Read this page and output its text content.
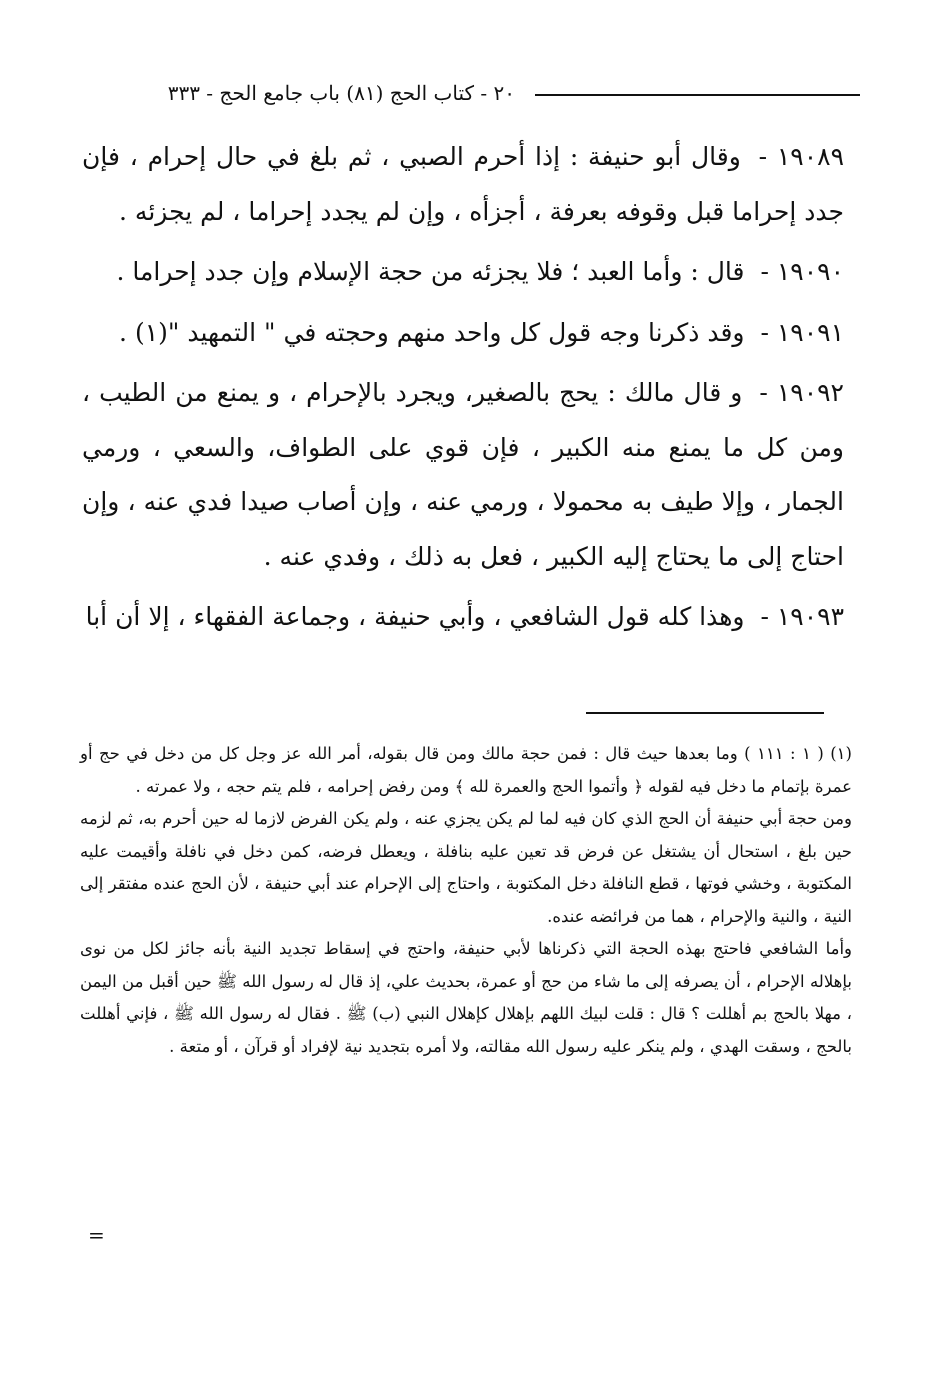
٢٠ - كتاب الحج (٨١) باب جامع الحج - ٣٣٣

١٩٠٨٩ - وقال أبو حنيفة : إذا أحرم الصبي ، ثم بلغ في حال إحرام ، فإن جدد إحراما قبل وقوفه بعرفة ، أجزأه ، وإن لم يجدد إحراما ، لم يجزئه .

١٩٠٩٠ - قال : وأما العبد ؛ فلا يجزئه من حجة الإسلام وإن جدد إحراما .

١٩٠٩١ - وقد ذكرنا وجه قول كل واحد منهم وحجته في " التمهيد "(١) .

١٩٠٩٢ - و قال مالك : يحج بالصغير، ويجرد بالإحرام ، و يمنع من الطيب ، ومن كل ما يمنع منه الكبير ، فإن قوي على الطواف، والسعي ، ورمي الجمار ، وإلا طيف به محمولا ، ورمي عنه ، وإن أصاب صيدا فدي عنه ، وإن احتاج إلى ما يحتاج إليه الكبير ، فعل به ذلك ، وفدي عنه .

١٩٠٩٣ - وهذا كله قول الشافعي ، وأبي حنيفة ، وجماعة الفقهاء ، إلا أن أبا

(١) ( ١ : ١١١ ) وما بعدها حيث قال : فمن حجة مالك ومن قال بقوله، أمر الله عز وجل كل من دخل في حج أو عمرة بإتمام ما دخل فيه لقوله ﴿ وأتموا الحج والعمرة لله ﴾ ومن رفض إحرامه ، فلم يتم حجه ، ولا عمرته .

ومن حجة أبي حنيفة أن الحج الذي كان فيه لما لم يكن يجزي عنه ، ولم يكن الفرض لازما له حين أحرم به، ثم لزمه حين بلغ ، استحال أن يشتغل عن فرض قد تعين عليه بنافلة ، ويعطل فرضه، كمن دخل في نافلة وأقيمت عليه المكتوبة ، وخشي فوتها ، قطع النافلة دخل المكتوبة ، واحتاج إلى الإحرام عند أبي حنيفة ، لأن الحج عنده مفتقر إلى النية ، والنية والإحرام ، هما من فرائضه عنده.

وأما الشافعي فاحتج بهذه الحجة التي ذكرناها لأبي حنيفة، واحتج في إسقاط تجديد النية بأنه جائز لكل من نوى بإهلاله الإحرام ، أن يصرفه إلى ما شاء من حج أو عمرة، بحديث علي، إذ قال له رسول الله ﷺ حين أقبل من اليمن ، مهلا بالحج بم أهللت ؟ قال : قلت لبيك اللهم بإهلال كإهلال النبي (ب) ﷺ . فقال له رسول الله ﷺ ، فإني أهللت بالحج ، وسقت الهدي ، ولم ينكر عليه رسول الله مقالته، ولا أمره بتجديد نية لإفراد أو قرآن ، أو متعة .

=
